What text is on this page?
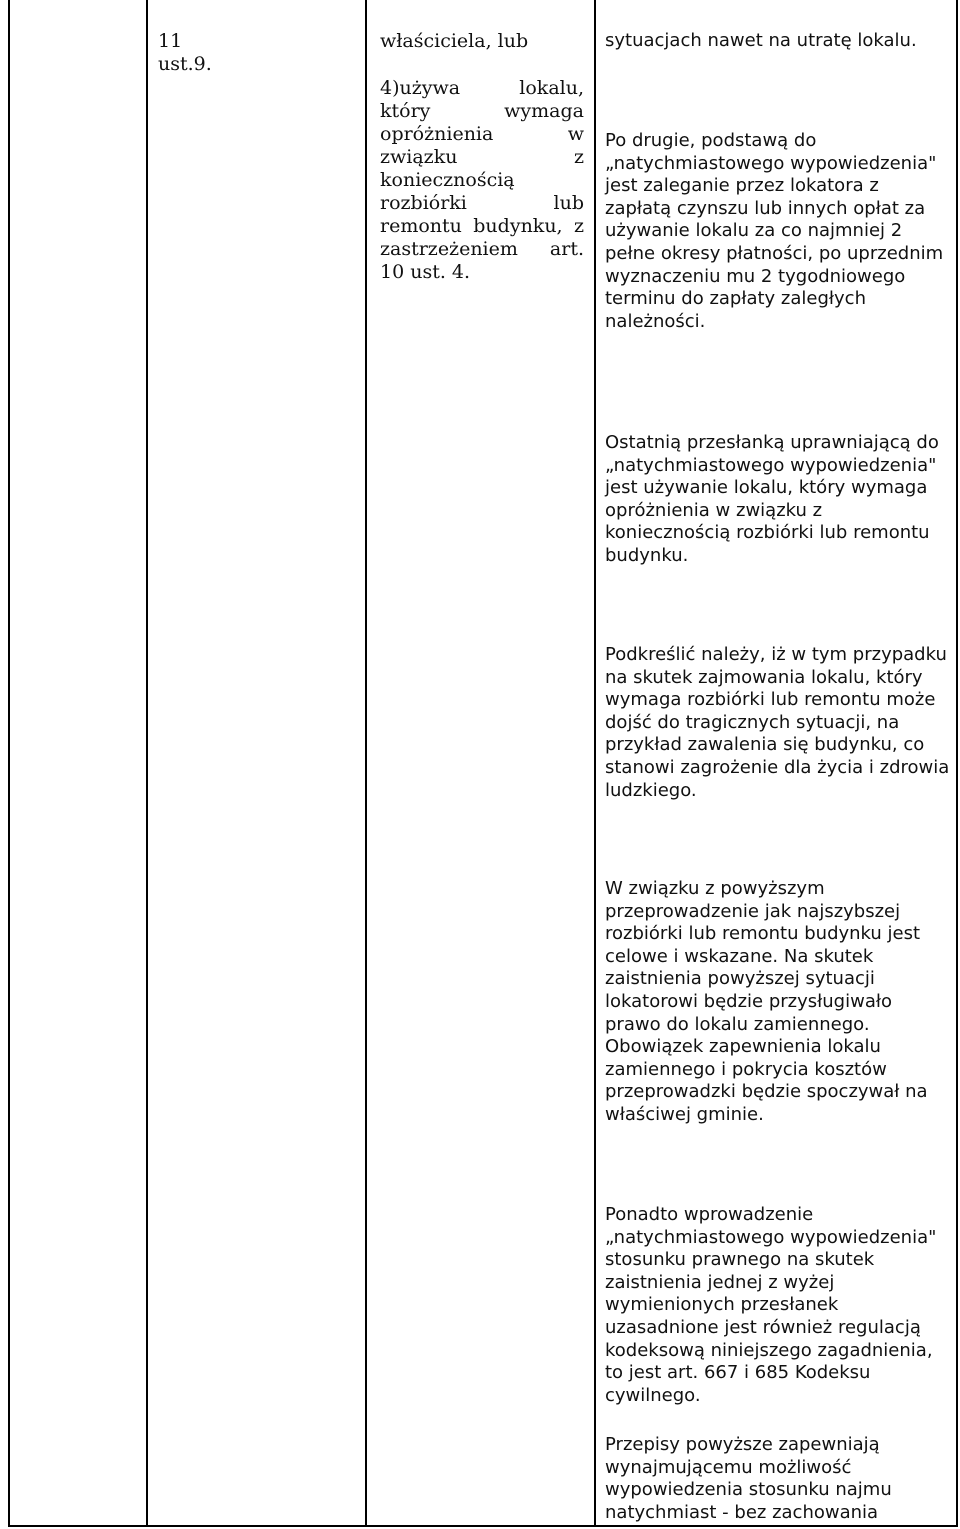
11 ust.9.

właściciela, lub

4)używa lokalu, który wymaga opróżnienia w związku z koniecznością rozbiórki lub remontu budynku, z zastrzeżeniem art. 10 ust. 4.

sytuacjach nawet na utratę lokalu.

Po drugie, podstawą do „natychmiastowego wypowiedzenia" jest zaleganie przez lokatora z zapłatą czynszu lub innych opłat za używanie lokalu za co najmniej 2 pełne okresy płatności, po uprzednim wyznaczeniu mu 2 tygodniowego terminu do zapłaty zaległych należności.

Ostatnią przesłanką uprawniającą do „natychmiastowego wypowiedzenia" jest używanie lokalu, który wymaga opróżnienia w związku z koniecznością rozbiórki lub remontu budynku.

Podkreślić należy, iż w tym przypadku na skutek zajmowania lokalu, który wymaga rozbiórki lub remontu może dojść do tragicznych sytuacji, na przykład zawalenia się budynku, co stanowi zagrożenie dla życia i zdrowia ludzkiego.

W związku z powyższym przeprowadzenie jak najszybszej rozbiórki lub remontu budynku jest celowe i wskazane. Na skutek zaistnienia powyższej sytuacji lokatorowi będzie przysługiwało prawo do lokalu zamiennego. Obowiązek zapewnienia lokalu zamiennego i pokrycia kosztów przeprowadzki będzie spoczywał na właściwej gminie.

Ponadto wprowadzenie „natychmiastowego wypowiedzenia" stosunku prawnego na skutek zaistnienia jednej z wyżej wymienionych przesłanek uzasadnione jest również regulacją kodeksową niniejszego zagadnienia, to jest art. 667 i 685 Kodeksu cywilnego.

Przepisy powyższe zapewniają wynajmującemu możliwość wypowiedzenia stosunku najmu natychmiast - bez zachowania
